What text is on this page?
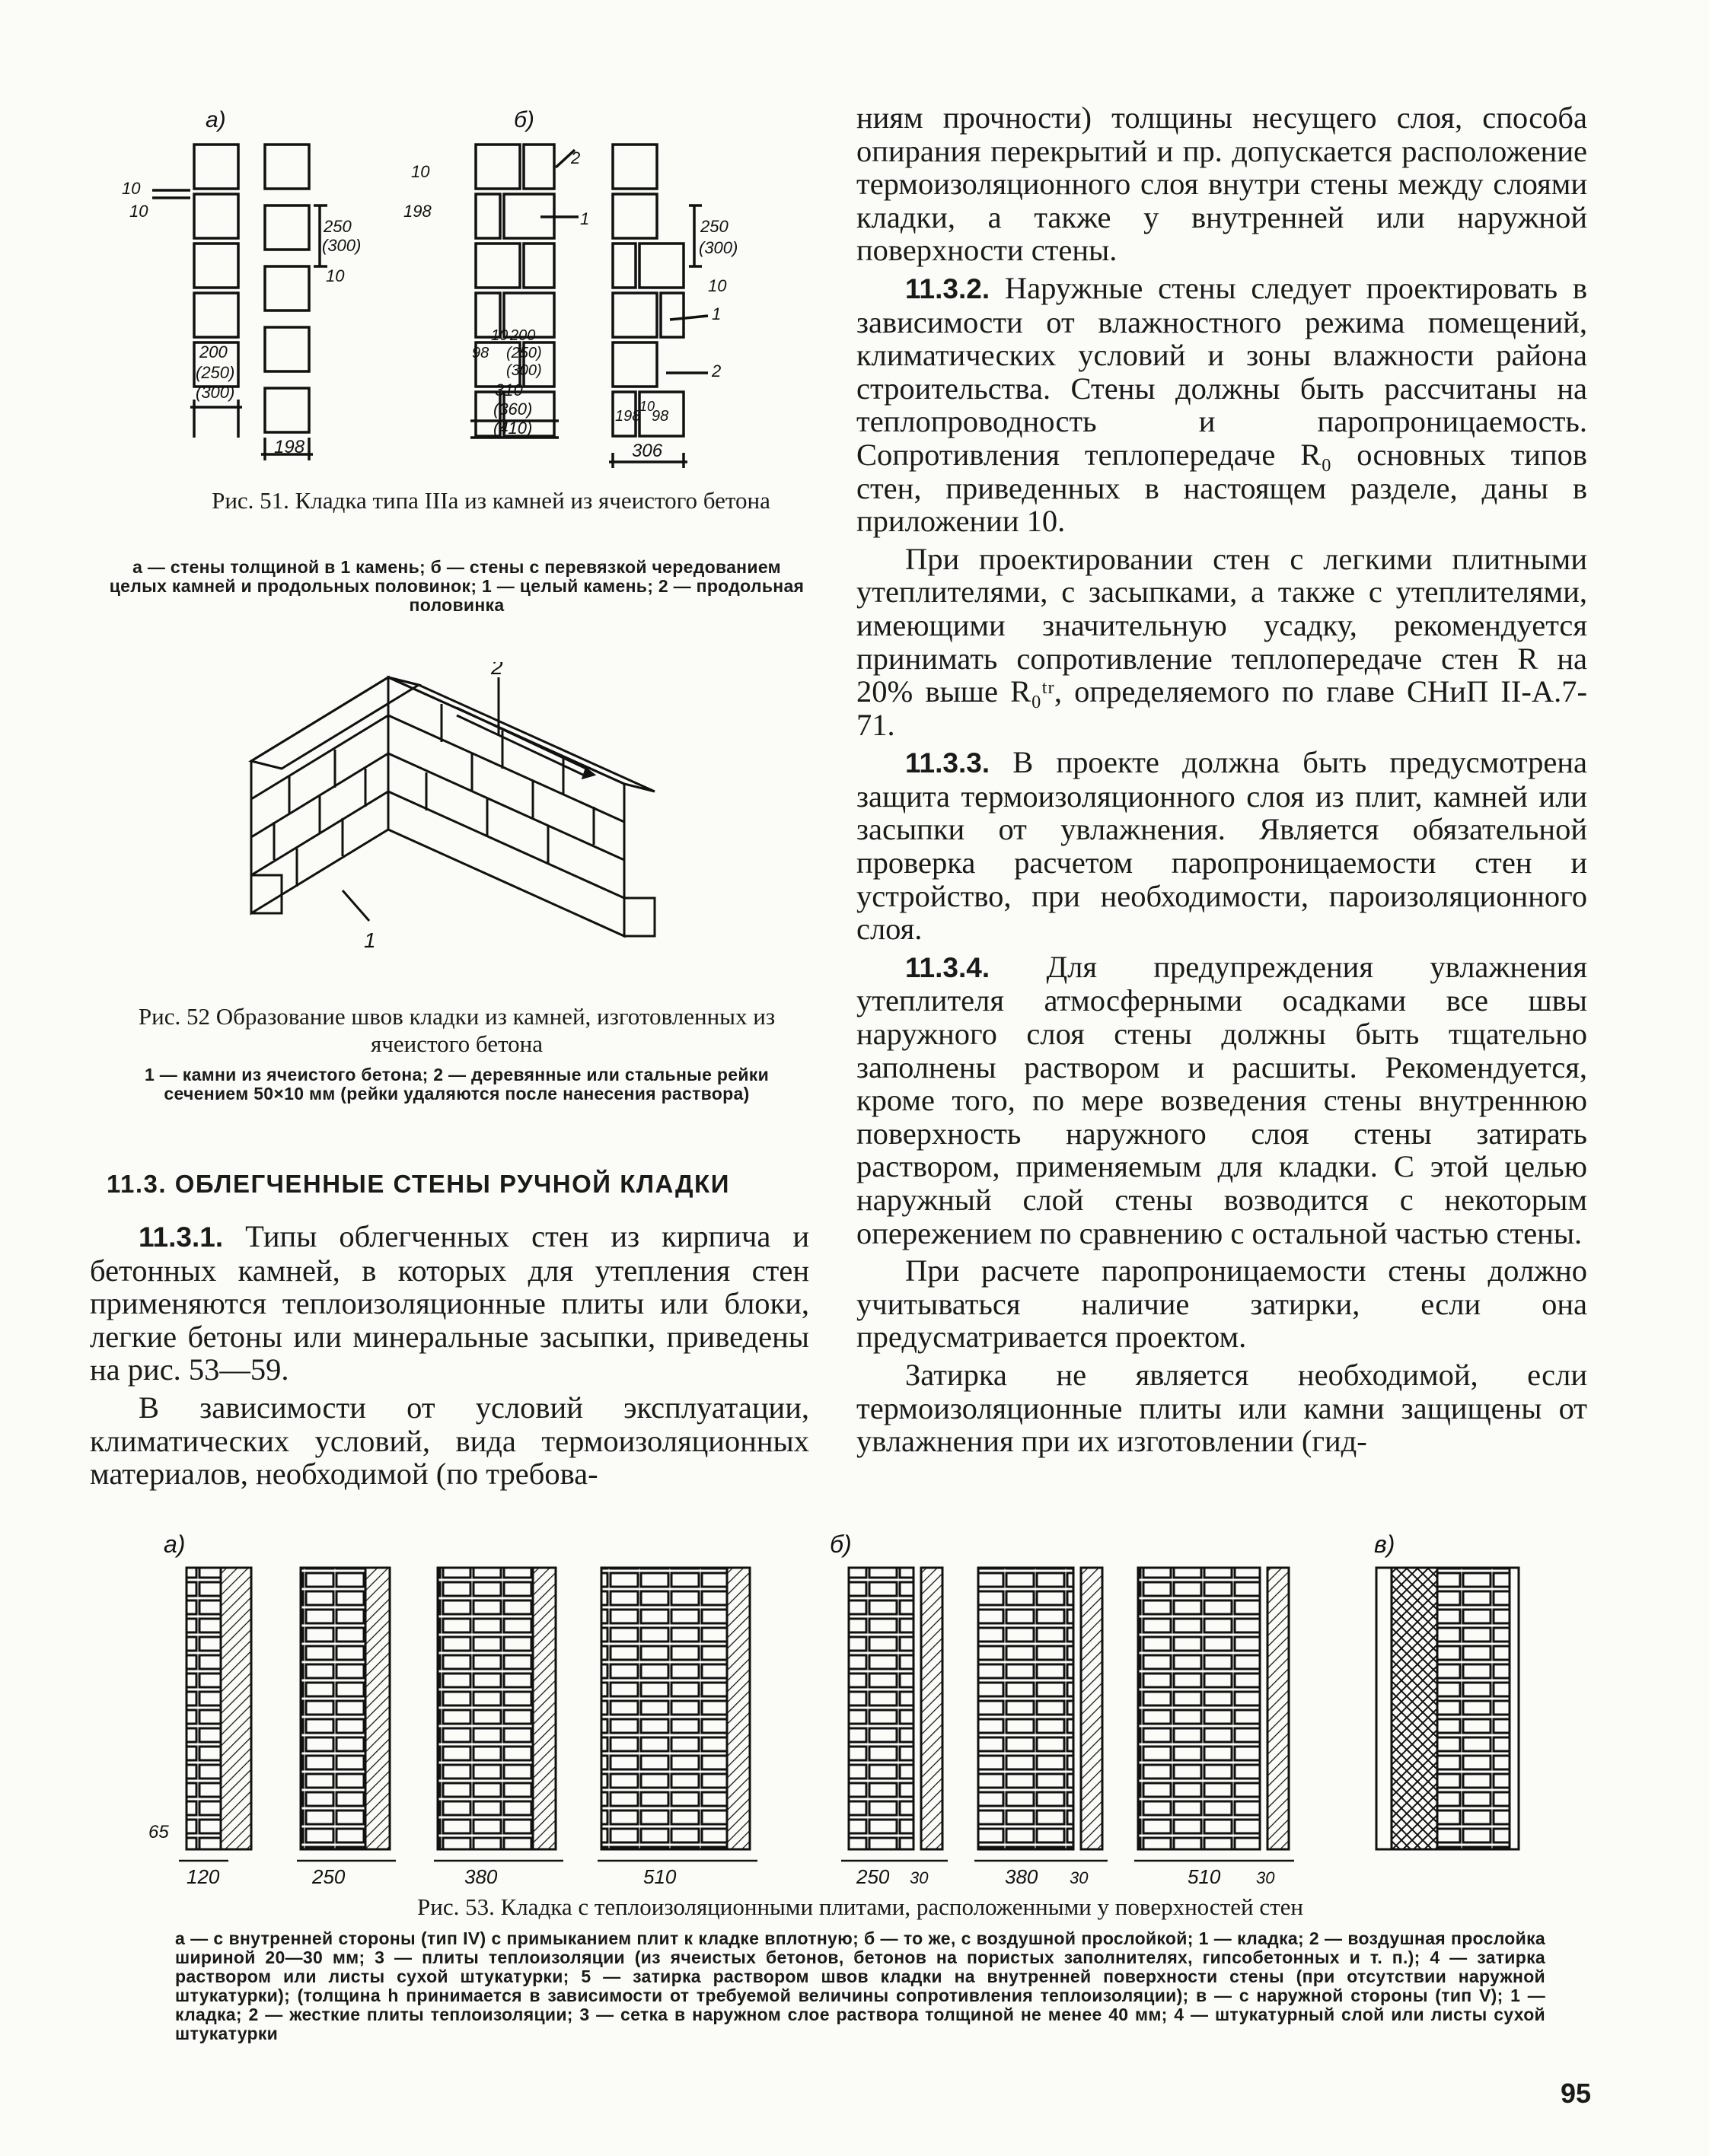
а)	б)
10
10
250
(300)
10
200
(250)
(300)
198
10
198
2
1	250
(300)
10
1
2
10 200
98 (250)
(300)
310
(360)
(410)
198
10
98
306
Рис. 51. Кладка типа IIIа из камней из ячеистого бетона
а — стены толщиной в 1 камень; б — стены с перевязкой чередованием целых камней и продольных половинок; 1 — целый камень; 2 — продольная половинка
2
1
Рис. 52 Образование швов кладки из камней, изготовленных из ячеистого бетона
1 — камни из ячеистого бетона; 2 — деревянные или стальные рейки сечением 50×10 мм (рейки удаляются после нанесения раствора)
11.3. ОБЛЕГЧЕННЫЕ СТЕНЫ РУЧНОЙ КЛАДКИ

11.3.1. Типы облегченных стен из кирпича и бетонных камней, в которых для утепления стен применяются теплоизоляционные плиты или блоки, легкие бетоны или минеральные засыпки, приведены на рис. 53—59.

В зависимости от условий эксплуатации, климатических условий, вида термоизоляционных материалов, необходимой (по требова-

ниям прочности) толщины несущего слоя, способа опирания перекрытий и пр. допускается расположение термоизоляционного слоя внутри стены между слоями кладки, а также у внутренней или наружной поверхности стены.

11.3.2. Наружные стены следует проектировать в зависимости от влажностного режима помещений, климатических условий и зоны влажности района строительства. Стены должны быть рассчитаны на теплопроводность и паропроницаемость. Сопротивления теплопередаче R₀ основных типов стен, приведенных в настоящем разделе, даны в приложении 10.

При проектировании стен с легкими плитными утеплителями, с засыпками, а также с утеплителями, имеющими значительную усадку, рекомендуется принимать сопротивление теплопередаче стен R на 20% выше R₀ᵗʳ, определяемого по главе СНиП II-А.7-71.

11.3.3. В проекте должна быть предусмотрена защита термоизоляционного слоя из плит, камней или засыпки от увлажнения. Является обязательной проверка расчетом паропроницаемости стен и устройство, при необходимости, пароизоляционного слоя.

11.3.4. Для предупреждения увлажнения утеплителя атмосферными осадками все швы наружного слоя стены должны быть тщательно заполнены раствором и расшиты. Рекомендуется, кроме того, по мере возведения стены внутреннюю поверхность наружного слоя стены затирать раствором, применяемым для кладки. С этой целью наружный слой стены возводится с некоторым опережением по сравнению с остальной частью стены.

При расчете паропроницаемости стены должно учитываться наличие затирки, если она предусматривается проектом.

Затирка не является необходимой, если термоизоляционные плиты или камни защищены от увлажнения при их изготовлении (гид-

а)	б)	в)
120	250	380	510	250 30	380 30	510 30
65
Рис. 53. Кладка с теплоизоляционными плитами, расположенными у поверхностей стен
а — с внутренней стороны (тип IV) с примыканием плит к кладке вплотную; б — то же, с воздушной прослойкой; 1 — кладка; 2 — воздушная прослойка шириной 20—30 мм; 3 — плиты теплоизоляции (из ячеистых бетонов, бетонов на пористых заполнителях, гипсобетонных и т. п.); 4 — затирка раствором или листы сухой штукатурки; 5 — затирка раствором швов кладки на внутренней поверхности стены (при отсутствии наружной штукатурки); (толщина h принимается в зависимости от требуемой величины сопротивления теплоизоляции); в — с наружной стороны (тип V); 1 — кладка; 2 — жесткие плиты теплоизоляции; 3 — сетка в наружном слое раствора толщиной не менее 40 мм; 4 — штукатурный слой или листы сухой штукатурки
95
